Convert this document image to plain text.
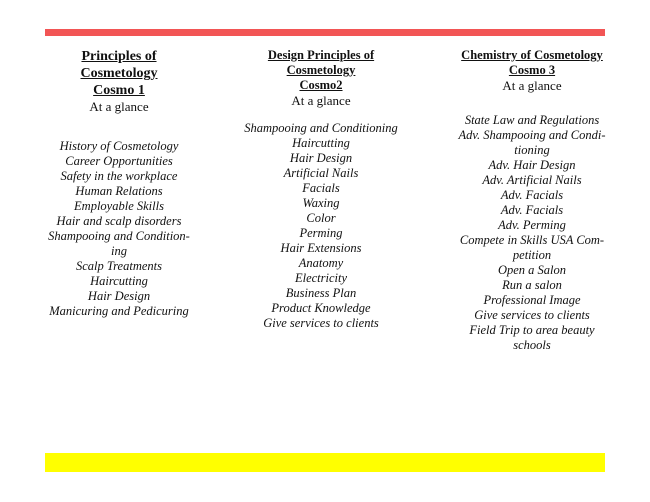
Principles of
Cosmetology
Cosmo 1
At a glance
History of Cosmetology
Career Opportunities
Safety in the workplace
Human Relations
Employable Skills
Hair and scalp disorders
Shampooing and Condition-
ing
Scalp Treatments
Haircutting
Hair Design
Manicuring and Pedicuring
Design Principles of
Cosmetology
Cosmo2
At a glance
Shampooing and Conditioning
Haircutting
Hair Design
Artificial Nails
Facials
Waxing
Color
Perming
Hair Extensions
Anatomy
Electricity
Business Plan
Product Knowledge
Give services to clients
Chemistry of Cosmetology
Cosmo 3
At a glance
State Law and Regulations
Adv. Shampooing and Condi-
tioning
Adv. Hair Design
Adv. Artificial Nails
Adv. Facials
Adv. Facials
Adv. Perming
Compete in Skills USA Com-
petition
Open a Salon
Run a salon
Professional Image
Give services to clients
Field Trip to area beauty
schools
